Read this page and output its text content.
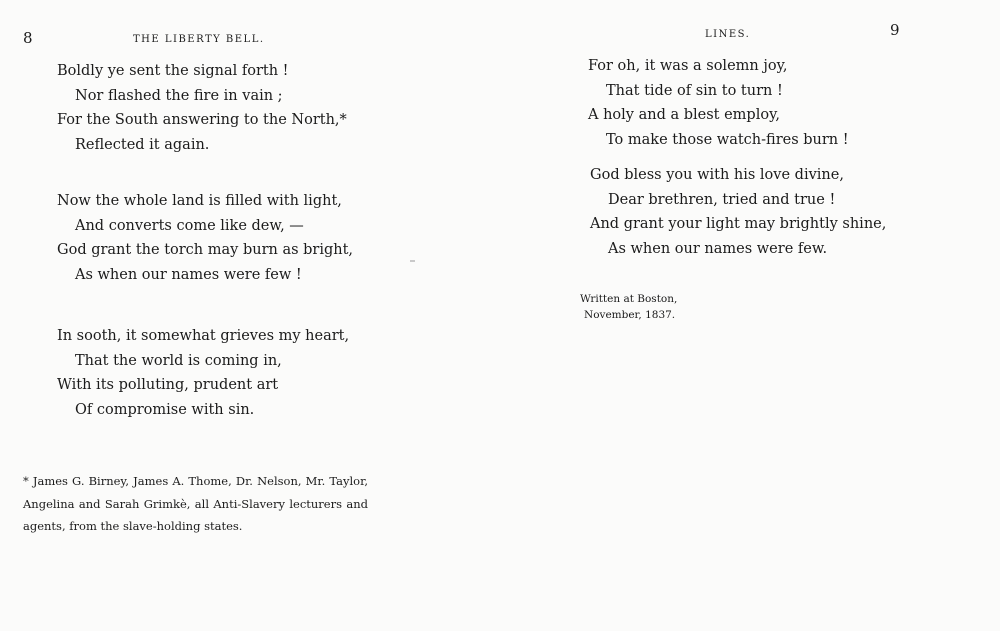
8	THE LIBERTY BELL.
Boldly ye sent the signal forth !
Nor flashed the fire in vain ;
For the South answering to the North,*
Reflected it again.
Now the whole land is filled with light,
And converts come like dew, —
God grant the torch may burn as bright,
As when our names were few !
In sooth, it somewhat grieves my heart,
That the world is coming in,
With its polluting, prudent art
Of compromise with sin.
* James G. Birney, James A. Thome, Dr. Nelson, Mr. Taylor, Angelina and Sarah Grimkè, all Anti-Slavery lecturers and agents, from the slave-holding states.
LINES.	9
For oh, it was a solemn joy,
That tide of sin to turn !
A holy and a blest employ,
To make those watch-fires burn !
God bless you with his love divine,
Dear brethren, tried and true !
And grant your light may brightly shine,
As when our names were few.
Written at Boston,
November, 1837.
